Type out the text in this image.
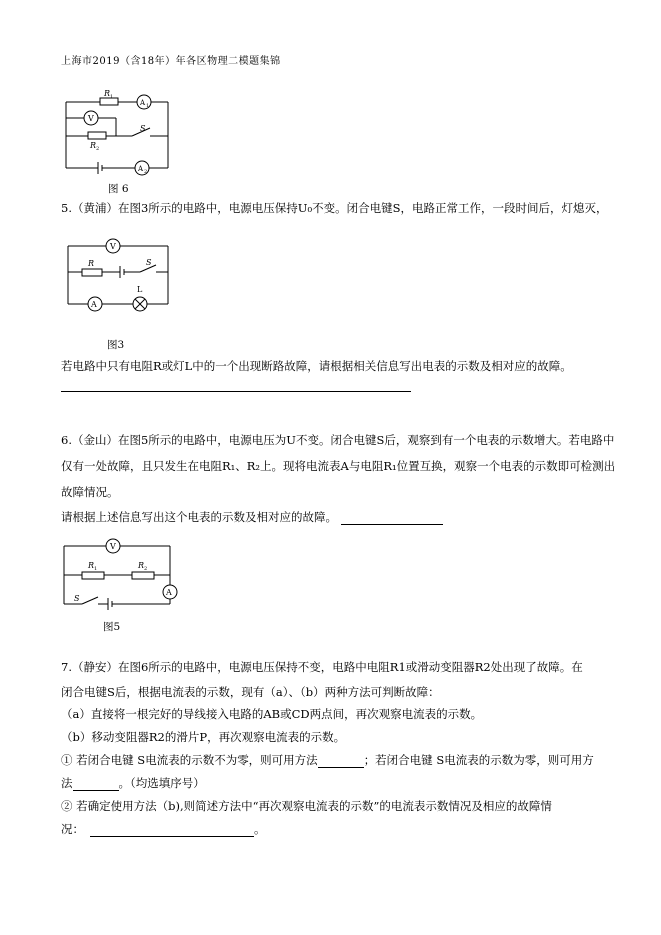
上海市2019（含18年）年各区物理二模题集锦
R 1
A 1
V
S
R 2
A 2
图 6
5.（黄浦）在图3所示的电路中，电源电压保持U₀不变。闭合电键S，电路正常工作，一段时间后，灯熄灭，
V
R	S
A
L
图3
若电路中只有电阻R或灯L中的一个出现断路故障，请根据相关信息写出电表的示数及相对应的故障。
6.（金山）在图5所示的电路中，电源电压为U不变。闭合电键S后，观察到有一个电表的示数增大。若电路中
仅有一处故障，且只发生在电阻R₁、R₂上。现将电流表A与电阻R₁位置互换，观察一个电表的示数即可检测出
故障情况。
请根据上述信息写出这个电表的示数及相对应的故障。
V
R 1	R 2
A
S
图5
7.（静安）在图6所示的电路中，电源电压保持不变，电路中电阻R1或滑动变阻器R2处出现了故障。在
闭合电键S后，根据电流表的示数，现有（a）、（b）两种方法可判断故障：
（a）直接将一根完好的导线接入电路的AB或CD两点间，再次观察电流表的示数。
（b）移动变阻器R2的滑片P，再次观察电流表的示数。
① 若闭合电键 S电流表的示数不为零，则可用方法	；若闭合电键 S电流表的示数为零，则可用方
法	。（均选填序号）
② 若确定使用方法（b),则简述方法中“再次观察电流表的示数”的电流表示数情况及相应的故障情
况：	。
